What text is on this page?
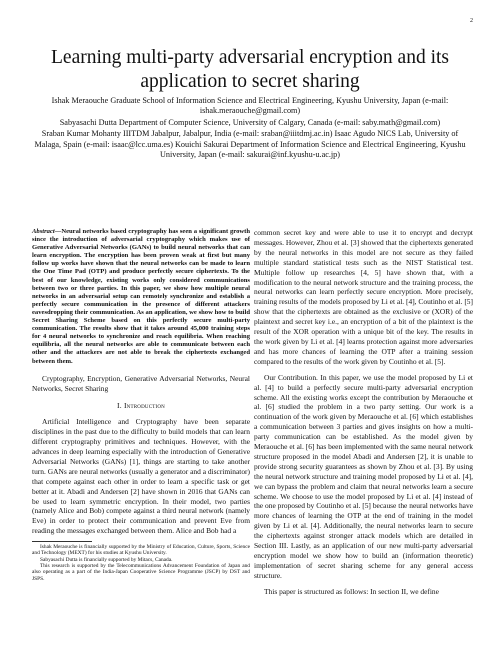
2
Learning multi-party adversarial encryption and its application to secret sharing

Ishak Meraouche Graduate School of Information Science and Electrical Engineering, Kyushu University, Japan (e-mail: ishak.meraouche@gmail.com)

Sabyasachi Dutta Department of Computer Science, University of Calgary, Canada (e-mail: saby.math@gmail.com)

Sraban Kumar Mohanty IIITDM Jabalpur, Jabalpur, India (e-mail: sraban@iiitdmj.ac.in) Isaac Agudo NICS Lab, University of Malaga, Spain (e-mail: isaac@lcc.uma.es) Kouichi Sakurai Department of Information Science and Electrical Engineering, Kyushu University, Japan (e-mail: sakurai@inf.kyushu-u.ac.jp)

Abstract—Neural networks based cryptography has seen a significant growth since the introduction of adversarial cryptography which makes use of Generative Adversarial Networks (GANs) to build neural networks that can learn encryption. The encryption has been proven weak at first but many follow up works have shown that the neural networks can be made to learn the One Time Pad (OTP) and produce perfectly secure ciphertexts. To the best of our knowledge, existing works only considered communications between two or three parties. In this paper, we show how multiple neural networks in an adversarial setup can remotely synchronize and establish a perfectly secure communication in the presence of different attackers eavesdropping their communication. As an application, we show how to build Secret Sharing Scheme based on this perfectly secure multi-party communication. The results show that it takes around 45,000 training steps for 4 neural networks to synchronize and reach equilibria. When reaching equilibria, all the neural networks are able to communicate between each other and the attackers are not able to break the ciphertexts exchanged between them.

Cryptography, Encryption, Generative Adversarial Networks, Neural Networks, Secret Sharing

I. Introduction

Artificial Intelligence and Cryptography have been separate disciplines in the past due to the difficulty to build models that can learn different cryptography primitives and techniques. However, with the advances in deep learning especially with the introduction of Generative Adversarial Networks (GANs) [1], things are starting to take another turn. GANs are neural networks (usually a generator and a discriminator) that compete against each other in order to learn a specific task or get better at it. Abadi and Andersen [2] have shown in 2016 that GANs can be used to learn symmetric encryption. In their model, two parties (namely Alice and Bob) compete against a third neural network (namely Eve) in order to protect their communication and prevent Eve from reading the messages exchanged between them. Alice and Bob had a

Ishak Meraouche is financially supported by the Ministry of Education, Culture, Sports, Science and Technology (MEXT) for his studies at Kyushu University.

Sabyasachi Dutta is financially supported by Mitacs, Canada.

This research is supported by the Telecommunications Advancement Foundation of Japan and also operating as a part of the India-Japan Cooperative Science Programme (JSCP) by DST and JSPS.

common secret key and were able to use it to encrypt and decrypt messages. However, Zhou et al. [3] showed that the ciphertexts generated by the neural networks in this model are not secure as they failed multiple standard statistical tests such as the NIST Statistical test. Multiple follow up researches [4, 5] have shown that, with a modification to the neural network structure and the training process, the neural networks can learn perfectly secure encryption. More precisely, training results of the models proposed by Li et al. [4], Coutinho et al. [5] show that the ciphertexts are obtained as the exclusive or (XOR) of the plaintext and secret key i.e., an encryption of a bit of the plaintext is the result of the XOR operation with a unique bit of the key. The results in the work given by Li et al. [4] learns protection against more adversaries and has more chances of learning the OTP after a training session compared to the results of the work given by Coutinho et al. [5].

Our Contribution. In this paper, we use the model proposed by Li et al. [4] to build a perfectly secure multi-party adversarial encryption scheme. All the existing works except the contribution by Meraouche et al. [6] studied the problem in a two party setting. Our work is a continuation of the work given by Meraouche et al. [6] which establishes a communication between 3 parties and gives insights on how a multi-party communication can be established. As the model given by Meraouche et al. [6] has been implemented with the same neural network structure proposed in the model Abadi and Andersen [2], it is unable to provide strong security guarantees as shown by Zhou et al. [3]. By using the neural network structure and training model proposed by Li et al. [4], we can bypass the problem and claim that neural networks learn a secure scheme. We choose to use the model proposed by Li et al. [4] instead of the one proposed by Coutinho et al. [5] because the neural networks have more chances of learning the OTP at the end of training in the model given by Li et al. [4]. Additionally, the neural networks learn to secure the ciphertexts against stronger attack models which are detailed in Section III. Lastly, as an application of our new multi-party adversarial encryption model we show how to build an (information theoretic) implementation of secret sharing scheme for any general access structure.

This paper is structured as follows: In section II, we define
